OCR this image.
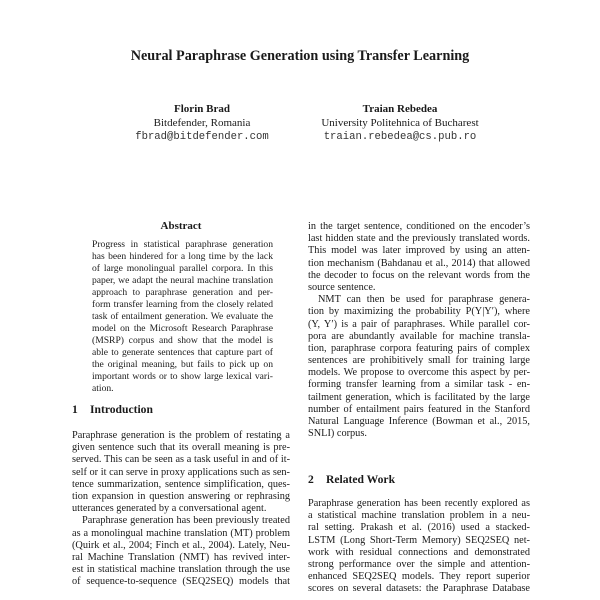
Neural Paraphrase Generation using Transfer Learning
Florin Brad
Bitdefender, Romania
fbrad@bitdefender.com
Traian Rebedea
University Politehnica of Bucharest
traian.rebedea@cs.pub.ro
Abstract
Progress in statistical paraphrase generation
has been hindered for a long time by the lack
of large monolingual parallel corpora. In this
paper, we adapt the neural machine translation
approach to paraphrase generation and per-
form transfer learning from the closely related
task of entailment generation. We evaluate the
model on the Microsoft Research Paraphrase
(MSRP) corpus and show that the model is
able to generate sentences that capture part of
the original meaning, but fails to pick up on
important words or to show large lexical vari-
ation.
1 Introduction
Paraphrase generation is the problem of restating a
given sentence such that its overall meaning is pre-
served. This can be seen as a task useful in and of it-
self or it can serve in proxy applications such as sen-
tence summarization, sentence simplification, ques-
tion expansion in question answering or rephrasing
utterances generated by a conversational agent.
Paraphrase generation has been previously treated
as a monolingual machine translation (MT) problem
(Quirk et al., 2004; Finch et al., 2004). Lately, Neu-
ral Machine Translation (NMT) has revived inter-
est in statistical machine translation through the use
of sequence-to-sequence (SEQ2SEQ) models that
in the target sentence, conditioned on the encoder’s
last hidden state and the previously translated words.
This model was later improved by using an atten-
tion mechanism (Bahdanau et al., 2014) that allowed
the decoder to focus on the relevant words from the
source sentence.
NMT can then be used for paraphrase genera-
tion by maximizing the probability P(Y|Y′), where
(Y, Y′) is a pair of paraphrases. While parallel cor-
pora are abundantly available for machine transla-
tion, paraphrase corpora featuring pairs of complex
sentences are prohibitively small for training large
models. We propose to overcome this aspect by per-
forming transfer learning from a similar task - en-
tailment generation, which is facilitated by the large
number of entailment pairs featured in the Stanford
Natural Language Inference (Bowman et al., 2015,
SNLI) corpus.
2 Related Work
Paraphrase generation has been recently explored as
a statistical machine translation problem in a neu-
ral setting. Prakash et al. (2016) used a stacked-
LSTM (Long Short-Term Memory) SEQ2SEQ net-
work with residual connections and demonstrated
strong performance over the simple and attention-
enhanced SEQ2SEQ models. They report superior
scores on several datasets: the Paraphrase Database
